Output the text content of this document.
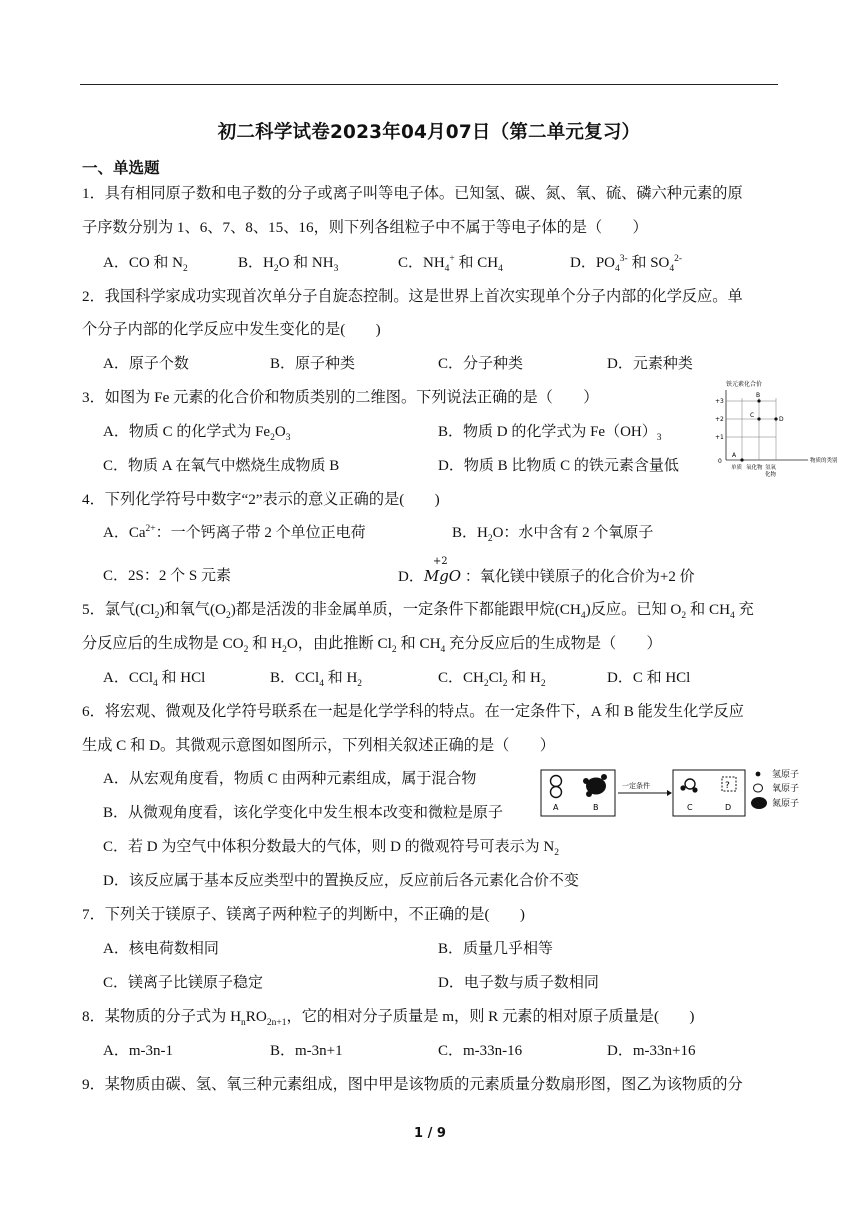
初二科学试卷2023年04月07日（第二单元复习）
一、单选题
1．具有相同原子数和电子数的分子或离子叫等电子体。已知氢、碳、氮、氧、硫、磷六种元素的原
子序数分别为 1、6、7、8、15、16，则下列各组粒子中不属于等电子体的是（　　）
A．CO 和 $N_2$	B．$H_2O$ 和 $NH_3$	C．$NH_4^+$ 和 $CH_4$	D．$PO_4^{3-}$ 和 $SO_4^{2-}$
2．我国科学家成功实现首次单分子自旋态控制。这是世界上首次实现单个分子内部的化学反应。单
个分子内部的化学反应中发生变化的是(　　)
A．原子个数	B．原子种类	C．分子种类	D．元素种类
3．如图为 Fe 元素的化合价和物质类别的二维图。下列说法正确的是（　　）
A．物质 C 的化学式为 $Fe_2O_3$	B．物质 D 的化学式为 $Fe(OH)_3$
C．物质 A 在氧气中燃烧生成物质 B	D．物质 B 比物质 C 的铁元素含量低
铁元素化合价
+3
+2
+1
0
A
B
C
D
物质的类别
单质 氧化物 氢氧
化物
4．下列化学符号中数字“2”表示的意义正确的是(　　)
A．$Ca^{2+}$：一个钙离子带 2 个单位正电荷	B．$H_2O$：水中含有 2 个氧原子
C．2S：2 个 S 元素	D．
+2
MgO ：氧化镁中镁原子的化合价为+2 价
5．氯气$(Cl_2)$和氧气$(O_2)$都是活泼的非金属单质，一定条件下都能跟甲烷$(CH_4)$反应。已知 $O_2$ 和 $CH_4$ 充
分反应后的生成物是 $CO_2$ 和 $H_2O$，由此推断 $Cl_2$ 和 $CH_4$ 充分反应后的生成物是（　　）
A．CCl$_4$ 和 HCl	B．CCl$_4$ 和 $H_2$	C．$CH_2Cl_2$ 和 $H_2$	D．C 和 HCl
6．将宏观、微观及化学符号联系在一起是化学学科的特点。在一定条件下，A 和 B 能发生化学反应
生成 C 和 D。其微观示意图如图所示，下列相关叙述正确的是（　　）
A．从宏观角度看，物质 C 由两种元素组成，属于混合物
B．从微观角度看，该化学变化中发生根本改变和微粒是原子
C．若 D 为空气中体积分数最大的气体，则 D 的微观符号可表示为 $N_2$
D．该反应属于基本反应类型中的置换反应，反应前后各元素化合价不变
A	B
一定条件
C
?
D
氢原子
氧原子
氮原子
7．下列关于镁原子、镁离子两种粒子的判断中，不正确的是(　　)
A．核电荷数相同	B．质量几乎相等
C．镁离子比镁原子稳定	D．电子数与质子数相同
8．某物质的分子式为 $H_nRO_{2n+1}$，它的相对分子质量是 m，则 R 元素的相对原子质量是(　　)
A．m-3n-1	B．m-3n+1	C．m-33n-16	D．m-33n+16
9．某物质由碳、氢、氧三种元素组成，图中甲是该物质的元素质量分数扇形图，图乙为该物质的分
1 / 9
